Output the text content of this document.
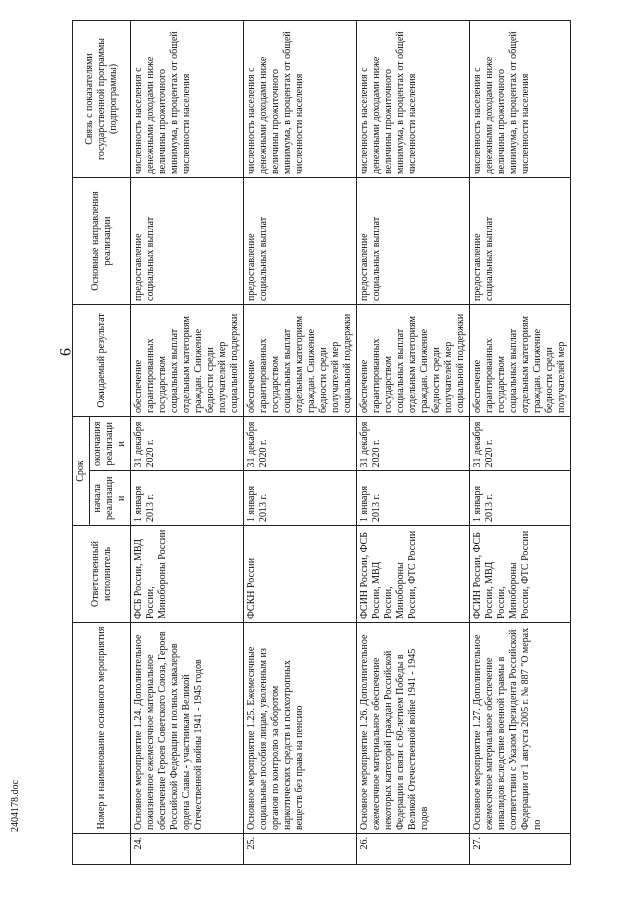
9
	Номер и наименование основного мероприятия	Ответственный исполнитель	Срок		Ожидаемый результат	Основные направления реализации	Связь с показателями государственной программы (подпрограммы)
			начала реализации	окончания реализации			
24.	Основное мероприятие 1.24. Дополнительное пожизненное ежемесячное материальное обеспечение Героев Советского Союза, Героев Российской Федерации и полных кавалеров ордена Славы - участникам Великой Отечественной войны 1941 - 1945 годов	ФСБ России, МВД России, Минобороны России	1 января 2013 г.	31 декабря 2020 г.	обеспечение гарантированных государством социальных выплат отдельным категориям граждан. Снижение бедности среди получателей мер социальной поддержки	предоставление социальных выплат	численность населения с денежными доходами ниже величины прожиточного минимума, в процентах от общей численности населения
25.	Основное мероприятие 1.25. Ежемесячные социальные пособия лицам, уволенным из органов по контролю за оборотом наркотических средств и психотропных веществ без права на пенсию	ФСКН России	1 января 2013 г.	31 декабря 2020 г.	обеспечение гарантированных государством социальных выплат отдельным категориям граждан. Снижение бедности среди получателей мер социальной поддержки	предоставление социальных выплат	численность населения с денежными доходами ниже величины прожиточного минимума, в процентах от общей численности населения
26.	Основное мероприятие 1.26. Дополнительное ежемесячное материальное обеспечение некоторых категорий граждан Российской Федерации в связи с 60-летием Победы в Великой Отечественной войне 1941 - 1945 годов	ФСИН России, ФСБ России, МВД России, Минобороны России, ФТС России	1 января 2013 г.	31 декабря 2020 г.	обеспечение гарантированных государством социальных выплат отдельным категориям граждан. Снижение бедности среди получателей мер социальной поддержки	предоставление социальных выплат	численность населения с денежными доходами ниже величины прожиточного минимума, в процентах от общей численности населения
27.	Основное мероприятие 1.27. Дополнительное ежемесячное материальное обеспечение инвалидов вследствие военной травмы в соответствии с Указом Президента Российской Федерации от 1 августа 2005 г. № 887 "О мерах по	ФСИН России, ФСБ России, МВД России, Минобороны России, ФТС России	1 января 2013 г.	31 декабря 2020 г.	обеспечение гарантированных государством социальных выплат отдельным категориям граждан. Снижение бедности среди получателей мер	предоставление социальных выплат	численность населения с денежными доходами ниже величины прожиточного минимума, в процентах от общей численности населения
2404178.doc
